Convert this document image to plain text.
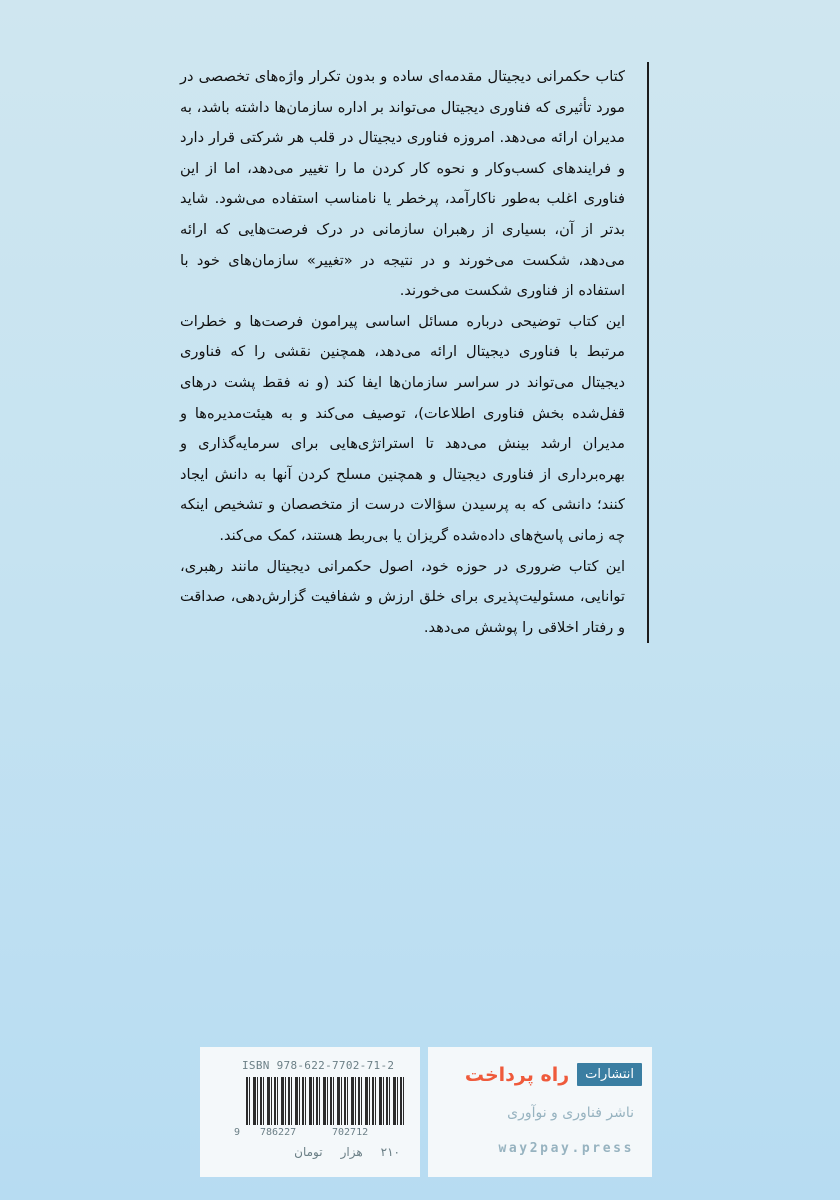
کتاب حکمرانی دیجیتال مقدمه‌ای ساده و بدون تکرار واژه‌های تخصصی در مورد تأثیری که فناوری دیجیتال می‌تواند بر اداره سازمان‌ها داشته باشد، به مدیران ارائه می‌دهد. امروزه فناوری دیجیتال در قلب هر شرکتی قرار دارد و فرایندهای کسب‌وکار و نحوه کار کردن ما را تغییر می‌دهد، اما از این فناوری اغلب به‌طور ناکارآمد، پرخطر یا نامناسب استفاده می‌شود. شاید بدتر از آن، بسیاری از رهبران سازمانی در درک فرصت‌هایی که ارائه می‌دهد، شکست می‌خورند و در نتیجه در «تغییر» سازمان‌های خود با استفاده از فناوری شکست می‌خورند.

این کتاب توضیحی درباره مسائل اساسی پیرامون فرصت‌ها و خطرات مرتبط با فناوری دیجیتال ارائه می‌دهد، همچنین نقشی را که فناوری دیجیتال می‌تواند در سراسر سازمان‌ها ایفا کند (و نه فقط پشت درهای قفل‌شده بخش فناوری اطلاعات)، توصیف می‌کند و به هیئت‌مدیره‌ها و مدیران ارشد بینش می‌دهد تا استراتژی‌هایی برای سرمایه‌گذاری و بهره‌برداری از فناوری دیجیتال و همچنین مسلح کردن آنها به دانش ایجاد کنند؛ دانشی که به پرسیدن سؤالات درست از متخصصان و تشخیص اینکه چه زمانی پاسخ‌های داده‌شده گریزان یا بی‌ربط هستند، کمک می‌کند.

این کتاب ضروری در حوزه خود، اصول حکمرانی دیجیتال مانند رهبری، توانایی، مسئولیت‌پذیری برای خلق ارزش و شفافیت گزارش‌دهی، صداقت و رفتار اخلاقی را پوشش می‌دهد.

ISBN 978-622-7702-71-2
9 786227	702712
۲۱۰
هزار
تومان
انتشارات
راه پرداخت
ناشر فناوری و نوآوری
way2pay.press
